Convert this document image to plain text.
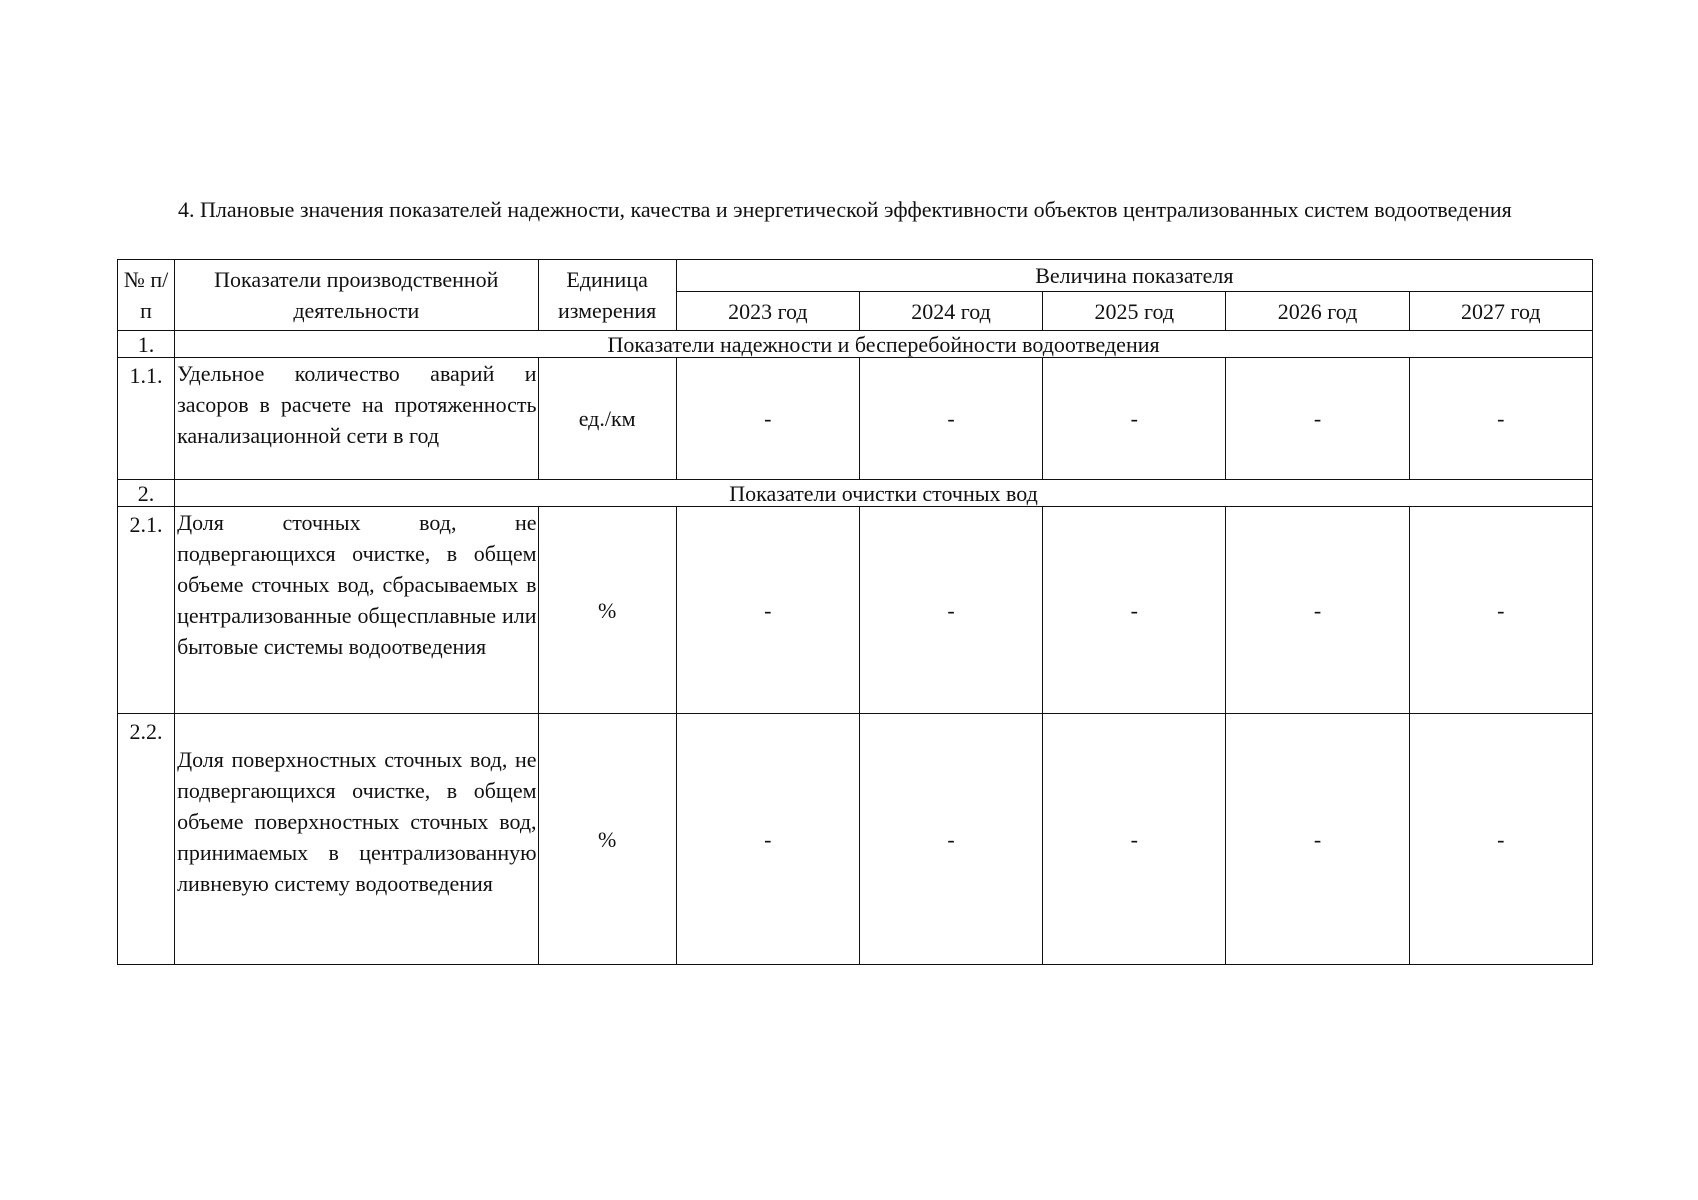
4. Плановые значения показателей надежности, качества и энергетической эффективности объектов централизованных систем водоотведения

№ п/п	Показатели производственной деятельности	Единица измерения	Величина показателя				
			2023 год	2024 год	2025 год	2026 год	2027 год
1.	Показатели надежности и бесперебойности водоотведения						
1.1.	Удельное количество аварий и засоров в расчете на протяженность канализационной сети в год	ед./км	-	-	-	-	-
2.	Показатели очистки сточных вод						
2.1.	Доля сточных вод, не подвергающихся очистке, в общем объеме сточных вод, сбрасываемых в централизованные общесплавные или бытовые системы водоотведения	%	-	-	-	-	-
2.2.	Доля поверхностных сточных вод, не подвергающихся очистке, в общем объеме поверхностных сточных вод, принимаемых в централизованную ливневую систему водоотведения	%	-	-	-	-	-
